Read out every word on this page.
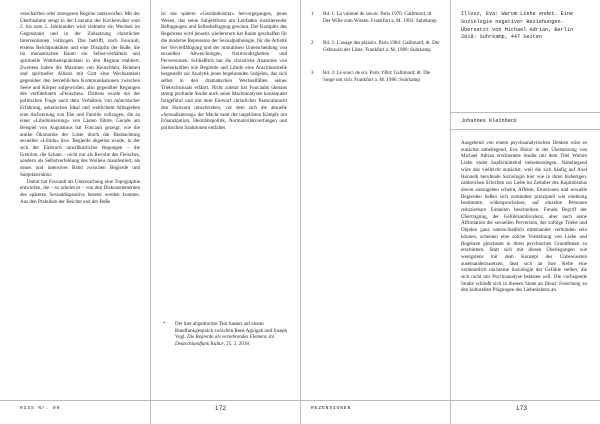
verschärften oder strengeren Regime unterworfen. Mit der Überhnahme steigt in der Literatur der Kirchenväter vom 2. bis zum 5. Jahrhundert wird vielmehr ein Wechsel im Gegenstand und in der Zielsetzung christlicher Interventionen vollzogen. Das betrifft, nach Foucault, erstens Reichtpraktiken und eine Disziplin der Buße, die im monastischen Raum ein Selbst-verhältnis und spirituelle Wahrheitspraktiken in den Regime etabliert. Zweitens haben die Maximen von Keuschheit, Reinheit und spiritueller Allianz mit Gott eine Wechsamkeit gegenüber den betrieblichen Kommunikationen zwischen Seele und Körper aufgeworfen, also gegenüber Regungen des verführbaren »Fleisches«. Drittens wurde mit der politischen Frage nach dem Verhältnis von mönchischer Erfahrung, asketischen Ideal und weltlichem Alltagleben eine Aufwertung von Ehe und Familie vollzogen, die zu einer »Libidinisierung« von Lästen führte. Gerade am Beispiel von Augustinus hat Foucault gezeigt, wie die antike Ökonomie der Lüste durch die Beobachtung sexueller »Libido« bzw. Begierde abgelöst wurde, in der sich der Einbruch unwillkürlicher Regungen – die Erektion, die Scham – nicht nur als Revolte des Fleisches, sondern als Selbstverfehlung des Wollens manifestiert, als neues und intensives Band zwischen Begierde und Subjektstruktur.

Damit hat Foucault als Untersuchung eine Topographie entworfen, die – so scheint es – von den Diskurselementen des späteren Sexualdispositivs besetzt werden konnten. Aus den Praktiken der Beichte und der Buße

ist das spätere »Geständnistier« hervorgegangen, jenes Wesen, das seine Subjektform am Leitfaden insistierender Befragungen und Selbstbefragung gewinnt. Der Komplex des Begehrens wird jenseits wiedererum hat Raum geschaffen für die moderne Repression der Sexualpathologie, für die Artistik der Vervielfältigung und der minutiösen Unterscheidung von sexuellen Abweichungen, Normwidrigkeiten und Perversionen. Schließlich hat die christliche Anatomie von Seelenkräften wie Begierde und Libido eine Anschlussstelle hergestellt zur Analytik jenes begehrenden Subjekts, das sich selbst in den dramatischen Wechselfällen seines Triebschicksals erfährt. Nicht zuletzt hat Foucaults überaus streng profunde Studie auch seine Machtanalysen konsequent fortgeführt und mit dem Entwurf christlicher Pastoralmacht den Horizont umschrieben, vor dem sich die aktuelle »Sexualisierung« der Macht samt der ungelösten Kämpfe um Emanzipation, Identitätspolitik, Normativitätsverfangen und politischen Sanktionen entfaltet.

* Der hier abgedruckte Text basiert auf einem Rundfunkgespräch zwischen René Aguigah und Joseph Vogl. Die Begierde als verzehrendes Element, im Deutschlandfunk Kultur, 25. 2. 2018.
RISS Nr. 90	172
1 Bd. 1: La volonté de savoir. Paris 1976: Gallimard; dt. Der Wille zum Wissen. Frankfurt a. M. 1983: Suhrkamp
2 Bd. 2: L'usage des plaisirs. Paris 1984: Gallimard; dt. Der Gebrauch der Lüste. Frankfurt a. M. 1986: Suhrkamp
3 Bd. 3: Le souci de soi. Paris 1984: Gallimard; dt. Die Sorge um sich. Frankfurt a. M. 1986: Suhrkamp
REZENSIONEN
Illouz, Eva: Warum Liebe endet. Eine Soziologie negativer Beziehungen. Übersetzt von Michael Adrian, Berlin 2018: Suhrkamp, 447 Seiten
Johannes Kleinbeck

Ausgehend von einem psychoanalytischen Denken wäre es zunächst naheliegend, Eva Illouz' in der Übersetzung von Michael Adrian erschienene Studie mit dem Titel Warum Liebe endet kopfschüttelnd beiseitezulegen. Naheliegend wäre das vielleicht zunächst, weil die sich häufig auf Axel Honneth berufende Soziologin hier wie in ihren bisherigen, zahlreichen Schriften zur Liebe im Zeitalter des Kapitalismus davon auszugehen scheint, Affekte, Emotionen und sexuelle Begierden ließen sich zumindest prinzipiell wie eindeutig bestimmte, widerspruchslose, auf einzelne Personen reduzierbare Einheiten beschreiben. Freuds Begriff der Übertragung, der Gefühlsambivalenz, aber auch seine Affirmation der sexuellen Perversion, der zufolge Triebe und Objekte ganz unterschiedlich miteinander verbunden sein können, scheinen eine solche Vorstellung von Liebe und Begehren gleichsam in ihren psychischen Grundfesten zu erschüttern. Statt sich mit diesen Überlegungen wie wenigstens mit dem Konzept des Unbewussten auseinanderzusetzen, lässt sich an ihre Stelle eine vermeintlich nüchterne Soziologie der Gefühle stellen, die sich nicht mit Psychoanalyse belasten will. Die vorliegende Studie schließt sich in diesem Sinne an Illouz' Forschung zu den kulturellen Prägungen des Liebeslebens an.

173
